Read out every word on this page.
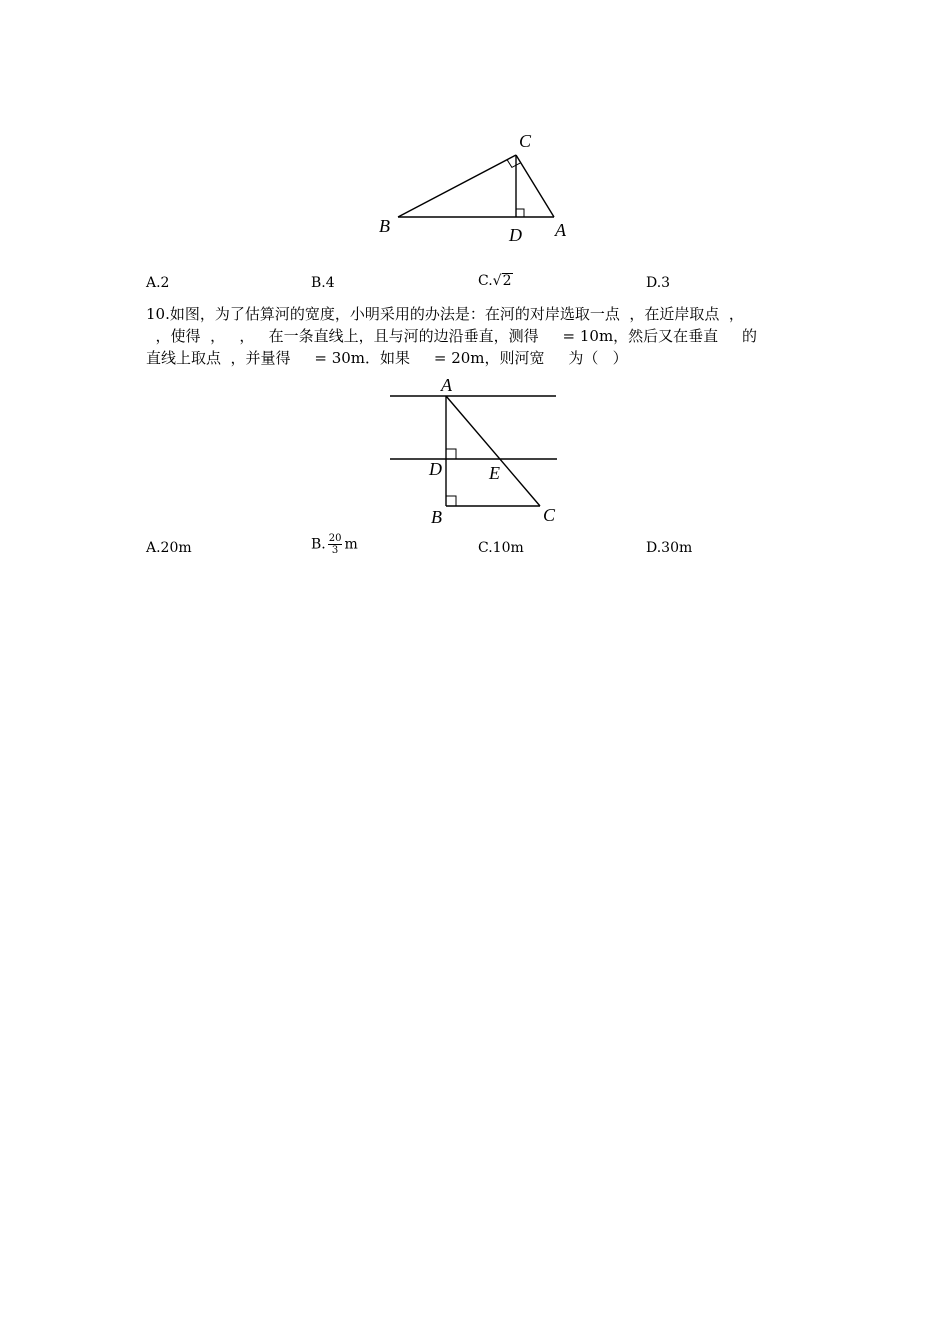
C
B	D A
A.2	B.4	C.√2	D.3
10.如图，为了估算河的宽度，小明采用的办法是：在河的对岸选取一点  ，在近岸取点  ，
，使得  ，   ，   在一条直线上，且与河的边沿垂直，测得     = 10m，然后又在垂直     的
直线上取点  ，并量得     = 30m．如果     = 20m，则河宽     为（   ）
A
D	E
B	C
A.20m	B. $\frac{20}{3}$ m	C.10m	D.30m
